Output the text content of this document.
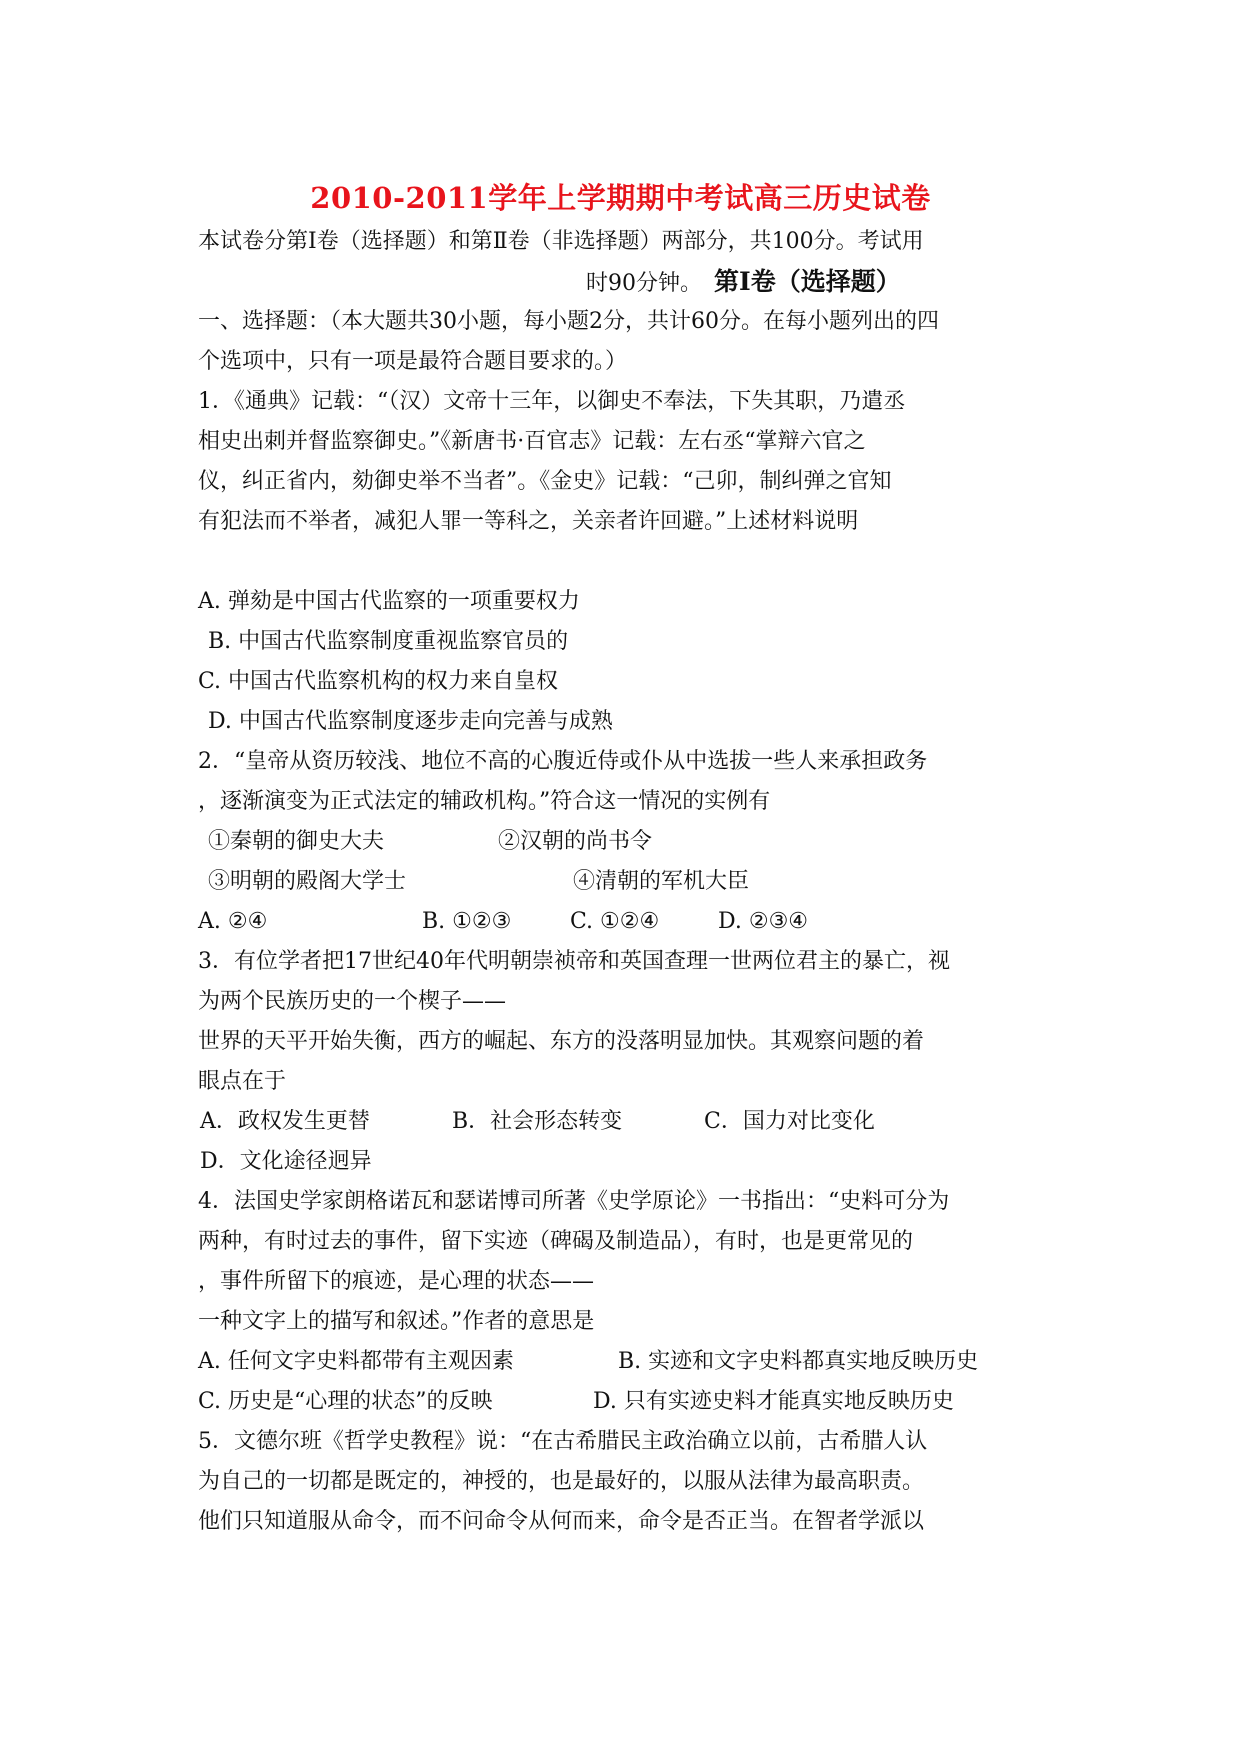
2010-2011学年上学期期中考试高三历史试卷
本试卷分第Ⅰ卷（选择题）和第Ⅱ卷（非选择题）两部分，共100分。考试用
时90分钟。 第Ⅰ卷（选择题）
一、选择题：（本大题共30小题，每小题2分，共计60分。在每小题列出的四
个选项中，只有一项是最符合题目要求的。）
1．《通典》记载：“（汉）文帝十三年，以御史不奉法，下失其职，乃遣丞
相史出刺并督监察御史。”《新唐书·百官志》记载：左右丞“掌辩六官之
仪，纠正省内，劾御史举不当者”。《金史》记载：“己卯，制纠弹之官知
有犯法而不举者，减犯人罪一等科之，关亲者许回避。”上述材料说明
A. 弹劾是中国古代监察的一项重要权力
B. 中国古代监察制度重视监察官员的
C. 中国古代监察机构的权力来自皇权
D. 中国古代监察制度逐步走向完善与成熟
2．“皇帝从资历较浅、地位不高的心腹近侍或仆从中选拔一些人来承担政务
，逐渐演变为正式法定的辅政机构。”符合这一情况的实例有
①秦朝的御史大夫	②汉朝的尚书令
③明朝的殿阁大学士	④清朝的军机大臣
A. ②④	B. ①②③	C. ①②④	D. ②③④
3．有位学者把17世纪40年代明朝崇祯帝和英国查理一世两位君主的暴亡，视
为两个民族历史的一个楔子——
世界的天平开始失衡，西方的崛起、东方的没落明显加快。其观察问题的着
眼点在于
A．政权发生更替	B．社会形态转变	C．国力对比变化
D．文化途径迥异
4．法国史学家朗格诺瓦和瑟诺博司所著《史学原论》一书指出：“史料可分为
两种，有时过去的事件，留下实迹（碑碣及制造品），有时，也是更常见的
，事件所留下的痕迹，是心理的状态——
一种文字上的描写和叙述。”作者的意思是
A. 任何文字史料都带有主观因素	B. 实迹和文字史料都真实地反映历史
C. 历史是“心理的状态”的反映	D. 只有实迹史料才能真实地反映历史
5．文德尔班《哲学史教程》说：“在古希腊民主政治确立以前，古希腊人认
为自己的一切都是既定的，神授的，也是最好的，以服从法律为最高职责。
他们只知道服从命令，而不问命令从何而来，命令是否正当。在智者学派以
